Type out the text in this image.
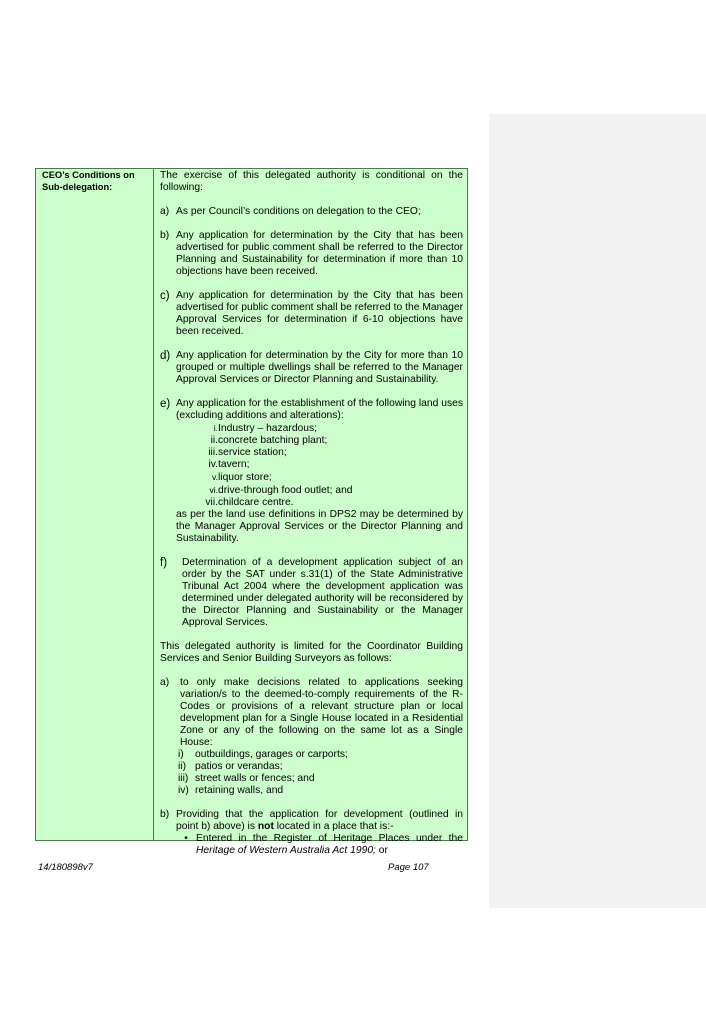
CEO’s Conditions on Sub-delegation:

The exercise of this delegated authority is conditional on the following:

a) As per Council’s conditions on delegation to the CEO;
b) Any application for determination by the City that has been advertised for public comment shall be referred to the Director Planning and Sustainability for determination if more than 10 objections have been received.
c) Any application for determination by the City that has been advertised for public comment shall be referred to the Manager Approval Services for determination if 6-10 objections have been received.
d) Any application for determination by the City for more than 10 grouped or multiple dwellings shall be referred to the Manager Approval Services or Director Planning and Sustainability.
e) Any application for the establishment of the following land uses (excluding additions and alterations):
i.Industry – hazardous;
ii.concrete batching plant;
iii.service station;
iv.tavern;
v.liquor store;
vi.drive-through food outlet; and
vii.childcare centre.

as per the land use definitions in DPS2 may be determined by the Manager Approval Services or the Director Planning and Sustainability.

f)	Determination of a development application subject of an order by the SAT under s.31(1) of the State Administrative Tribunal Act 2004 where the development application was determined under delegated authority will be reconsidered by the Director Planning and Sustainability or the Manager Approval Services.

This delegated authority is limited for the Coordinator Building Services and Senior Building Surveyors as follows:

a)	to only make decisions related to applications seeking variation/s to the deemed-to-comply requirements of the R-Codes or provisions of a relevant structure plan or local development plan for a Single House located in a Residential Zone or any of the following on the same lot as a Single House:
i)	outbuildings, garages or carports;
ii) patios or verandas;
iii) street walls or fences; and
iv) retaining walls, and
b) Providing that the application for development (outlined in point b) above) is not located in a place that is:-
• Entered in the Register of Heritage Places under the Heritage of Western Australia Act 1990; or
14/180898v7	Page 107
